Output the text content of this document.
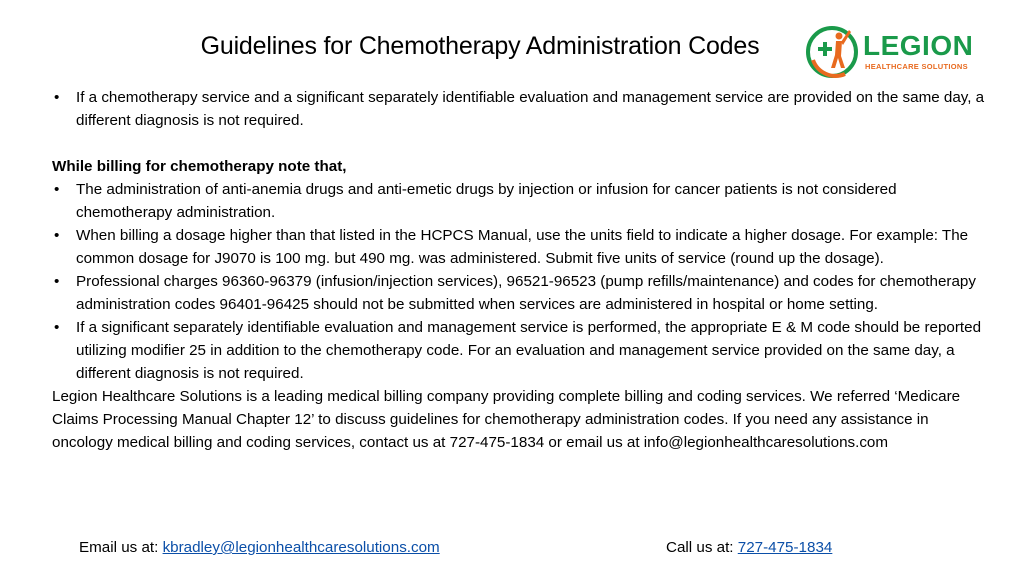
Guidelines for Chemotherapy Administration Codes	LEGION
HEALTHCARE SOLUTIONS
• If a chemotherapy service and a significant separately identifiable evaluation and management service are provided on the same day, a different diagnosis is not required.
While billing for chemotherapy note that,
• The administration of anti-anemia drugs and anti-emetic drugs by injection or infusion for cancer patients is not considered chemotherapy administration.
• When billing a dosage higher than that listed in the HCPCS Manual, use the units field to indicate a higher dosage. For example: The common dosage for J9070 is 100 mg. but 490 mg. was administered. Submit five units of service (round up the dosage).
• Professional charges 96360-96379 (infusion/injection services), 96521-96523 (pump refills/maintenance) and codes for chemotherapy administration codes 96401-96425 should not be submitted when services are administered in hospital or home setting.
• If a significant separately identifiable evaluation and management service is performed, the appropriate E & M code should be reported utilizing modifier 25 in addition to the chemotherapy code. For an evaluation and management service provided on the same day, a different diagnosis is not required.
Legion Healthcare Solutions is a leading medical billing company providing complete billing and coding services. We referred ‘Medicare Claims Processing Manual Chapter 12’ to discuss guidelines for chemotherapy administration codes. If you need any assistance in oncology medical billing and coding services, contact us at 727-475-1834 or email us at info@legionhealthcaresolutions.com
Email us at: kbradley@legionhealthcaresolutions.com	Call us at: 727-475-1834
